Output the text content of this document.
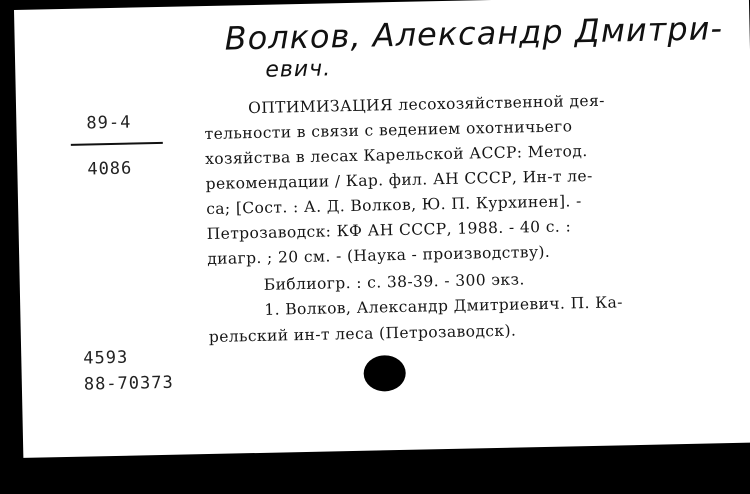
Волков, Александр Дмитри-
евич.
89-4
4086
ОПТИМИЗАЦИЯ лесохозяйственной дея-
тельности в связи с ведением охотничьего
хозяйства в лесах Карельской АССР: Метод.
рекомендации / Кар. фил. АН СССР, Ин-т ле-
са; [Сост. : А. Д. Волков, Ю. П. Курхинен]. -
Петрозаводск: КФ АН СССР, 1988. - 40 с. :
диагр. ; 20 см. - (Наука - производству).
Библиогр. : с. 38-39. - 300 экз.
1. Волков, Александр Дмитриевич. П. Ка-
рельский ин-т леса (Петрозаводск).
4593
88-70373
